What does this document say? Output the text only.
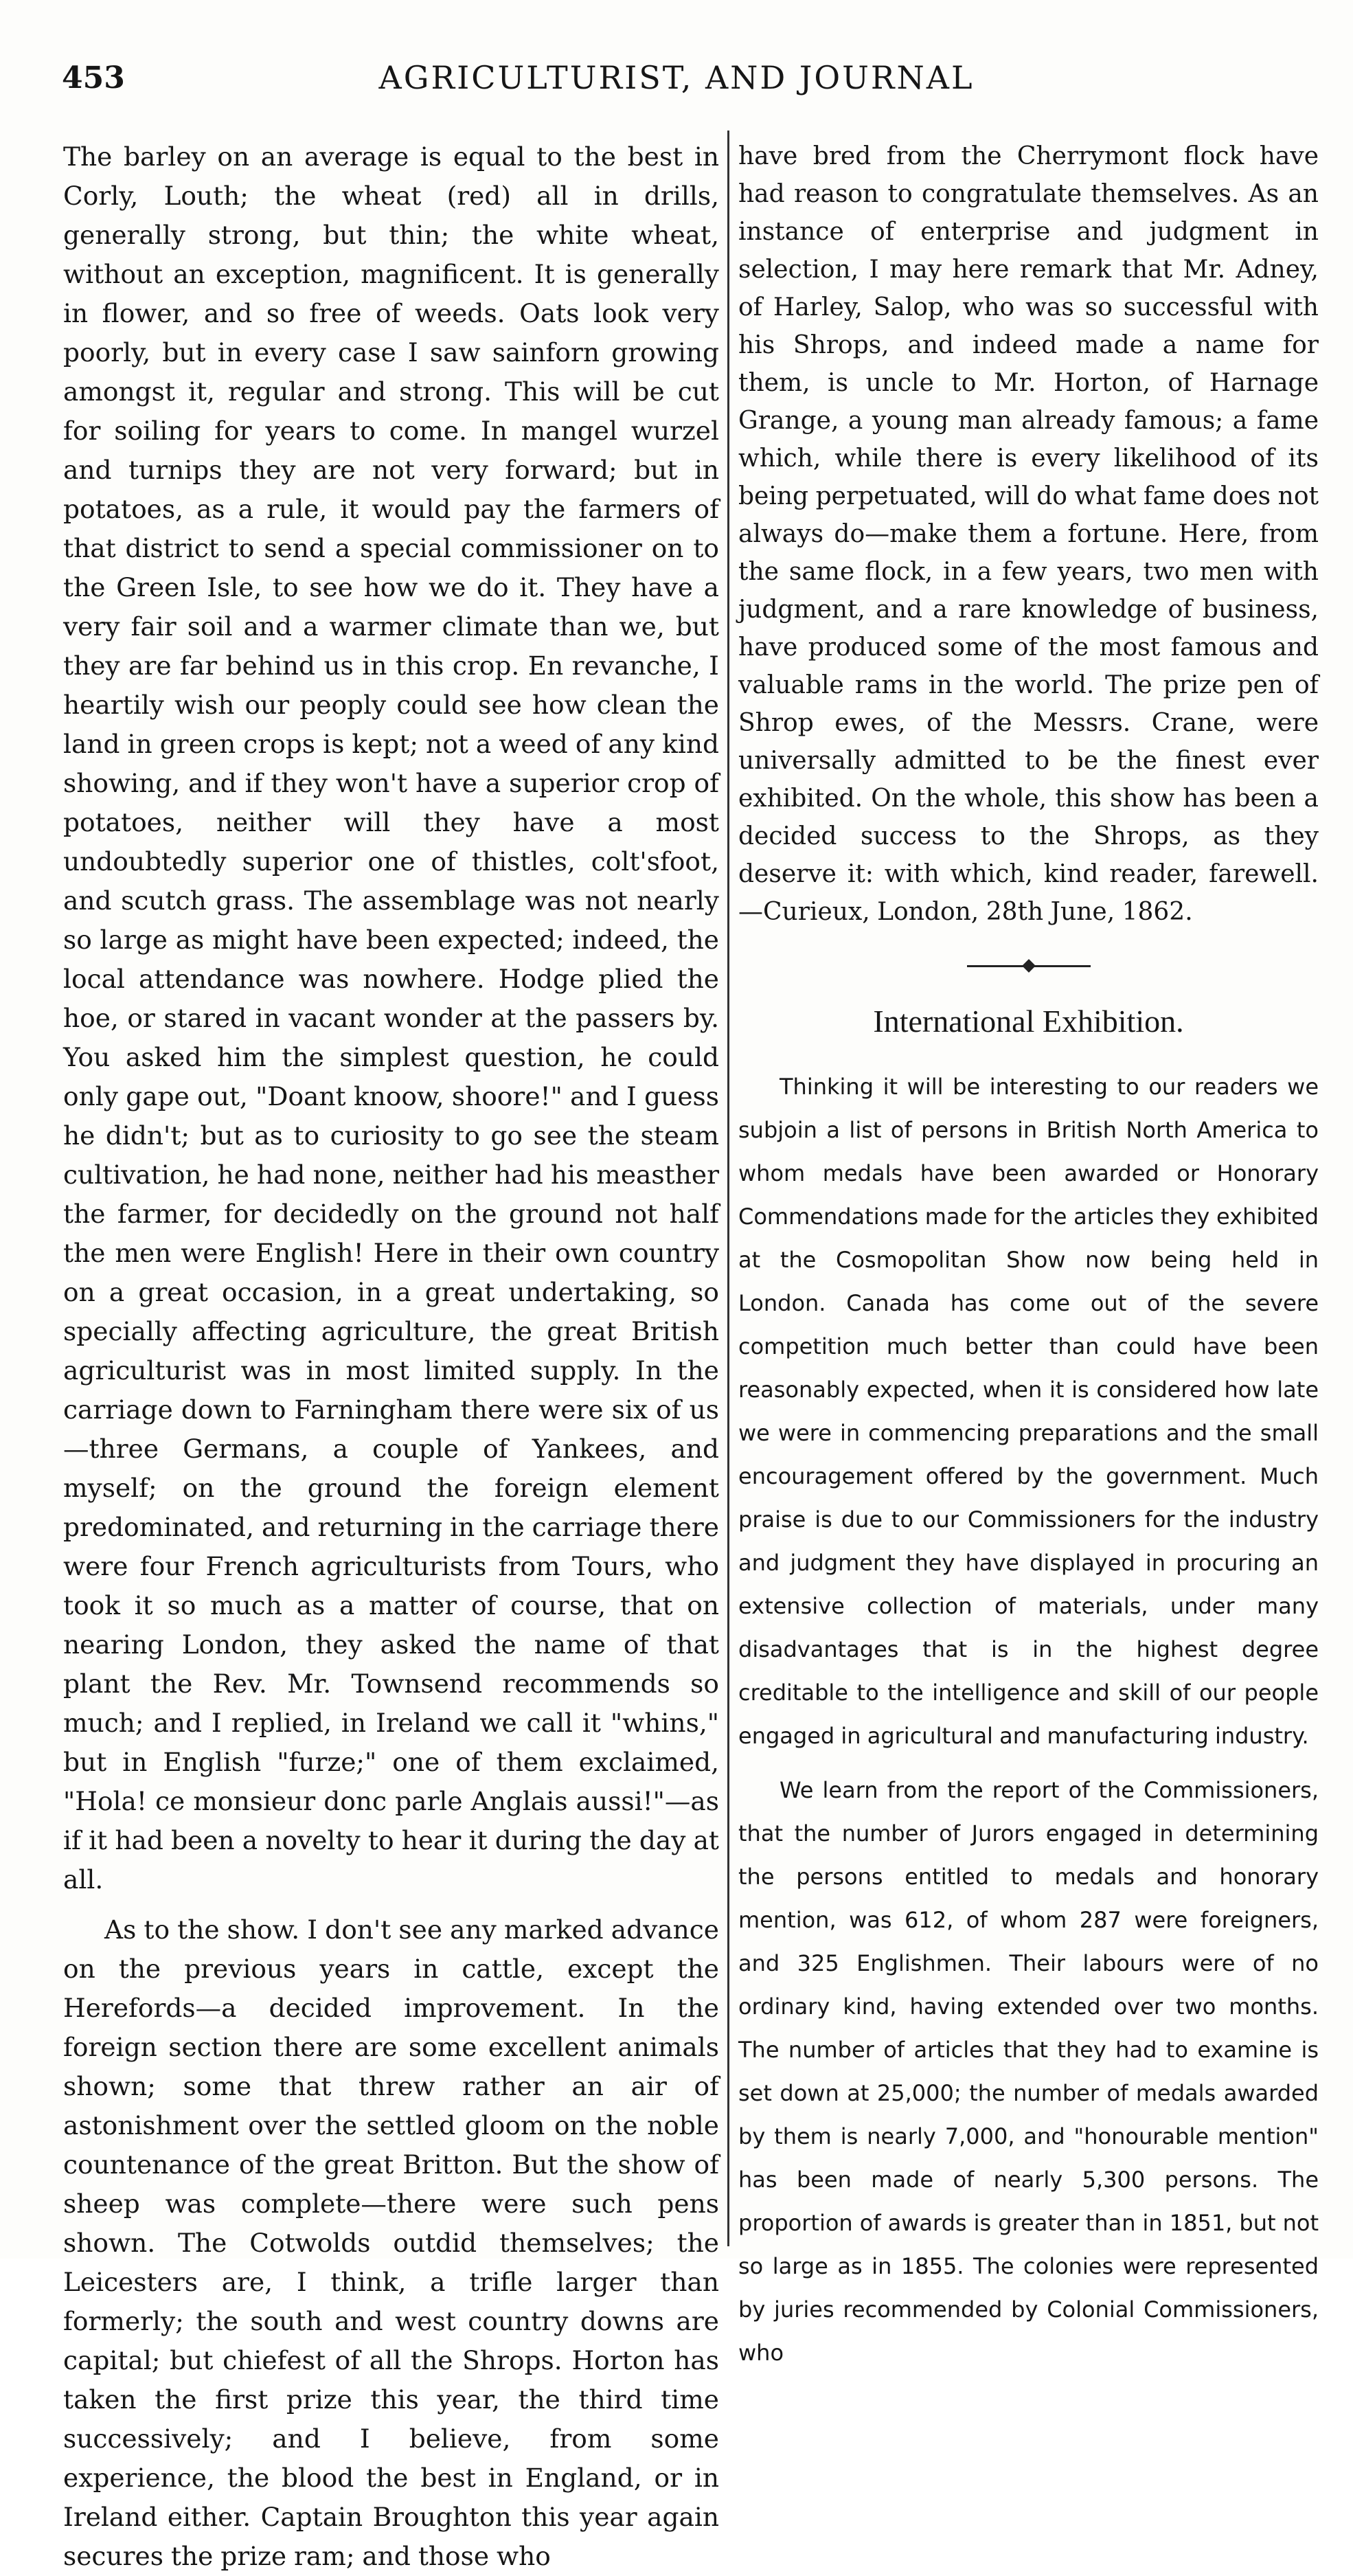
453	AGRICULTURIST, AND JOURNAL

The barley on an average is equal to the best in Corly, Louth; the wheat (red) all in drills, generally strong, but thin; the white wheat, without an exception, magnificent. It is generally in flower, and so free of weeds. Oats look very poorly, but in every case I saw sainforn growing amongst it, regular and strong. This will be cut for soiling for years to come. In mangel wurzel and turnips they are not very forward; but in potatoes, as a rule, it would pay the farmers of that district to send a special commissioner on to the Green Isle, to see how we do it. They have a very fair soil and a warmer climate than we, but they are far behind us in this crop. En revanche, I heartily wish our peoply could see how clean the land in green crops is kept; not a weed of any kind showing, and if they won't have a superior crop of potatoes, neither will they have a most undoubtedly superior one of thistles, colt'sfoot, and scutch grass. The assemblage was not nearly so large as might have been expected; indeed, the local attendance was nowhere. Hodge plied the hoe, or stared in vacant wonder at the passers by. You asked him the simplest question, he could only gape out, "Doant knoow, shoore!" and I guess he didn't; but as to curiosity to go see the steam cultivation, he had none, neither had his measther the farmer, for decidedly on the ground not half the men were English! Here in their own country on a great occasion, in a great undertaking, so specially affecting agriculture, the great British agriculturist was in most limited supply. In the carriage down to Farningham there were six of us—three Germans, a couple of Yankees, and myself; on the ground the foreign element predominated, and returning in the carriage there were four French agriculturists from Tours, who took it so much as a matter of course, that on nearing London, they asked the name of that plant the Rev. Mr. Townsend recommends so much; and I replied, in Ireland we call it "whins," but in English "furze;" one of them exclaimed, "Hola! ce monsieur donc parle Anglais aussi!"—as if it had been a novelty to hear it during the day at all.

As to the show. I don't see any marked advance on the previous years in cattle, except the Herefords—a decided improvement. In the foreign section there are some excellent animals shown; some that threw rather an air of astonishment over the settled gloom on the noble countenance of the great Britton. But the show of sheep was complete—there were such pens shown. The Cotwolds outdid themselves; the Leicesters are, I think, a trifle larger than formerly; the south and west country downs are capital; but chiefest of all the Shrops. Horton has taken the first prize this year, the third time successively; and I believe, from some experience, the blood the best in England, or in Ireland either. Captain Broughton this year again secures the prize ram; and those who

have bred from the Cherrymont flock have had reason to congratulate themselves. As an instance of enterprise and judgment in selection, I may here remark that Mr. Adney, of Harley, Salop, who was so successful with his Shrops, and indeed made a name for them, is uncle to Mr. Horton, of Harnage Grange, a young man already famous; a fame which, while there is every likelihood of its being perpetuated, will do what fame does not always do—make them a fortune. Here, from the same flock, in a few years, two men with judgment, and a rare knowledge of business, have produced some of the most famous and valuable rams in the world. The prize pen of Shrop ewes, of the Messrs. Crane, were universally admitted to be the finest ever exhibited. On the whole, this show has been a decided success to the Shrops, as they deserve it: with which, kind reader, farewell.—Curieux, London, 28th June, 1862.

International Exhibition.

Thinking it will be interesting to our readers we subjoin a list of persons in British North America to whom medals have been awarded or Honorary Commendations made for the articles they exhibited at the Cosmopolitan Show now being held in London. Canada has come out of the severe competition much better than could have been reasonably expected, when it is considered how late we were in commencing preparations and the small encouragement offered by the government. Much praise is due to our Commissioners for the industry and judgment they have displayed in procuring an extensive collection of materials, under many disadvantages that is in the highest degree creditable to the intelligence and skill of our people engaged in agricultural and manufacturing industry.

We learn from the report of the Commissioners, that the number of Jurors engaged in determining the persons entitled to medals and honorary mention, was 612, of whom 287 were foreigners, and 325 Englishmen. Their labours were of no ordinary kind, having extended over two months. The number of articles that they had to examine is set down at 25,000; the number of medals awarded by them is nearly 7,000, and "honourable mention" has been made of nearly 5,300 persons. The proportion of awards is greater than in 1851, but not so large as in 1855. The colonies were represented by juries recommended by Colonial Commissioners, who
